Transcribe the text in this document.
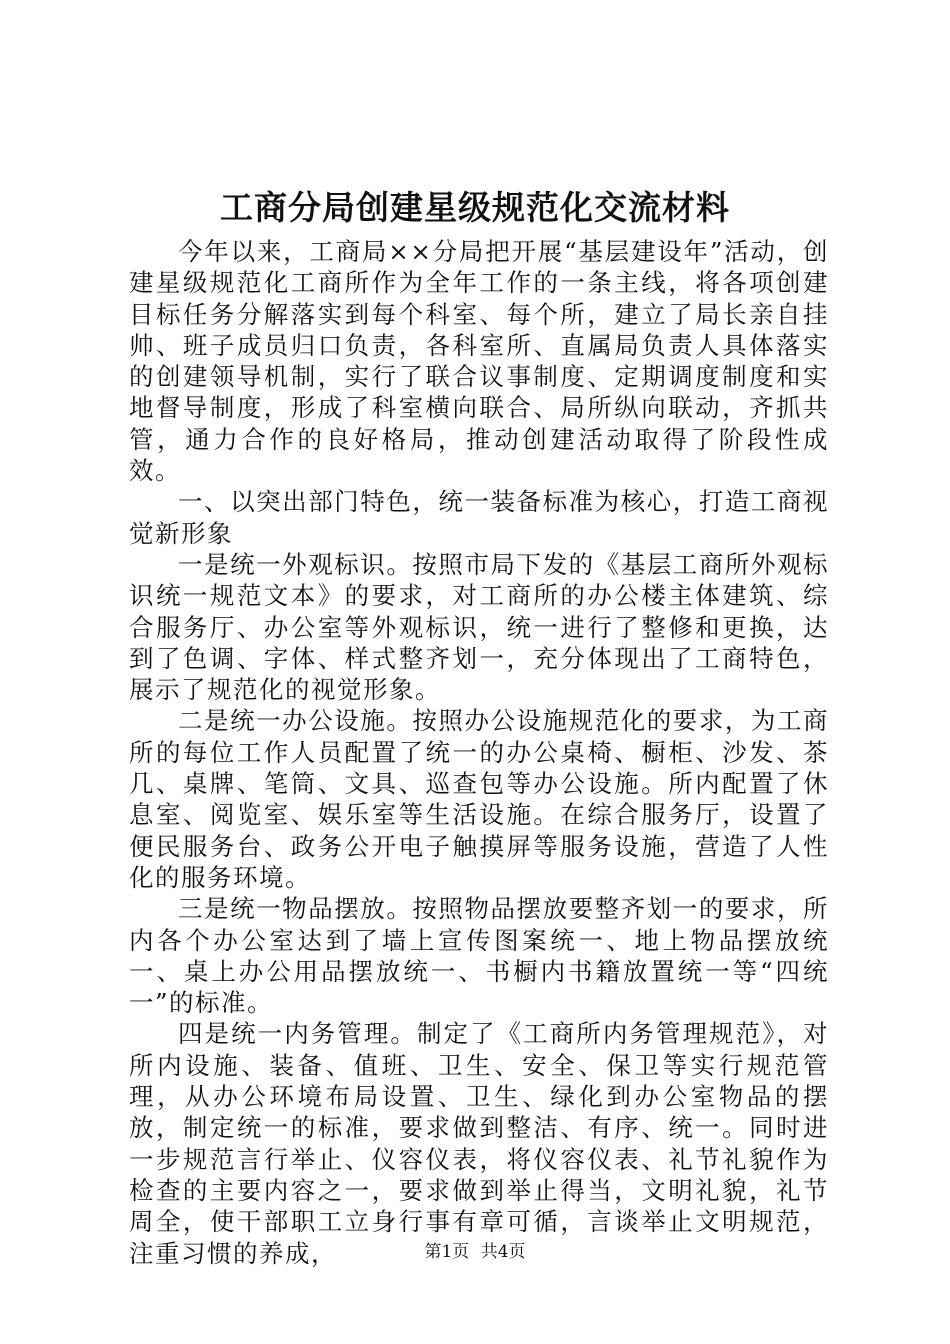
工商分局创建星级规范化交流材料

今年以来，工商局××分局把开展“基层建设年”活动，创建星级规范化工商所作为全年工作的一条主线，将各项创建目标任务分解落实到每个科室、每个所，建立了局长亲自挂帅、班子成员归口负责，各科室所、直属局负责人具体落实的创建领导机制，实行了联合议事制度、定期调度制度和实地督导制度，形成了科室横向联合、局所纵向联动，齐抓共管，通力合作的良好格局，推动创建活动取得了阶段性成效。

一、以突出部门特色，统一装备标准为核心，打造工商视觉新形象

一是统一外观标识。按照市局下发的《基层工商所外观标识统一规范文本》的要求，对工商所的办公楼主体建筑、综合服务厅、办公室等外观标识，统一进行了整修和更换，达到了色调、字体、样式整齐划一，充分体现出了工商特色，展示了规范化的视觉形象。

二是统一办公设施。按照办公设施规范化的要求，为工商所的每位工作人员配置了统一的办公桌椅、橱柜、沙发、茶几、桌牌、笔筒、文具、巡查包等办公设施。所内配置了休息室、阅览室、娱乐室等生活设施。在综合服务厅，设置了便民服务台、政务公开电子触摸屏等服务设施，营造了人性化的服务环境。

三是统一物品摆放。按照物品摆放要整齐划一的要求，所内各个办公室达到了墙上宣传图案统一、地上物品摆放统一、桌上办公用品摆放统一、书橱内书籍放置统一等“四统一”的标准。

四是统一内务管理。制定了《工商所内务管理规范》，对所内设施、装备、值班、卫生、安全、保卫等实行规范管理，从办公环境布局设置、卫生、绿化到办公室物品的摆放，制定统一的标准，要求做到整洁、有序、统一。同时进一步规范言行举止、仪容仪表，将仪容仪表、礼节礼貌作为检查的主要内容之一，要求做到举止得当，文明礼貌，礼节周全，使干部职工立身行事有章可循，言谈举止文明规范，注重习惯的养成，	第1页 共4页
